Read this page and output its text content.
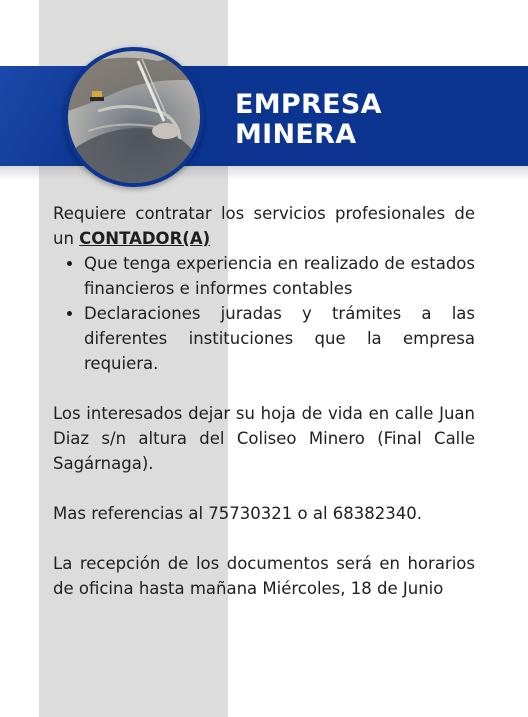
EMPRESA
MINERA

Requiere contratar los servicios profesionales de un CONTADOR(A)

• Que tenga experiencia en realizado de estados financieros e informes contables
• Declaraciones juradas y trámites a las diferentes instituciones que la empresa requiera.

Los interesados dejar su hoja de vida en calle Juan Diaz s/n altura del Coliseo Minero (Final Calle Sagárnaga).

Mas referencias al 75730321 o al 68382340.

La recepción de los documentos será en horarios de oficina hasta mañana Miércoles, 18 de Junio
